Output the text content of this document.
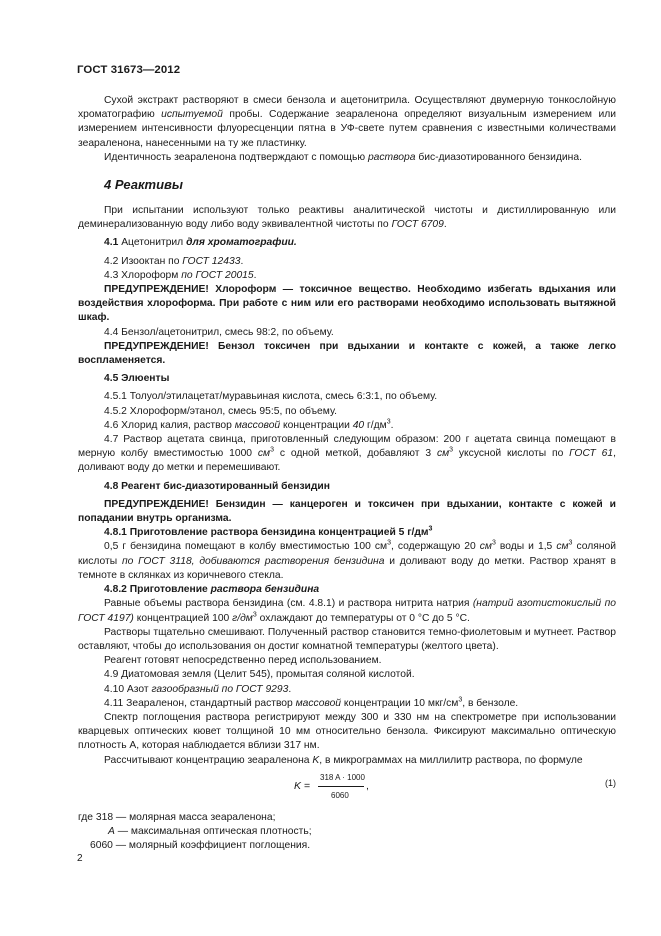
ГОСТ 31673—2012

Сухой экстракт растворяют в смеси бензола и ацетонитрила. Осуществляют двумерную тонкослойную хроматографию испытуемой пробы. Содержание зеараленона определяют визуальным измерением или измерением интенсивности флуоресценции пятна в УФ-свете путем сравнения с известными количествами зеараленона, нанесенными на ту же пластинку.

Идентичность зеараленона подтверждают с помощью раствора бис-диазотированного бензидина.

4 Реактивы

При испытании используют только реактивы аналитической чистоты и дистиллированную или деминерализованную воду либо воду эквивалентной чистоты по ГОСТ 6709.

4.1 Ацетонитрил для хроматографии.

4.2 Изооктан по ГОСТ 12433.

4.3 Хлороформ по ГОСТ 20015.

ПРЕДУПРЕЖДЕНИЕ! Хлороформ — токсичное вещество. Необходимо избегать вдыхания или воздействия хлороформа. При работе с ним или его растворами необходимо использовать вытяжной шкаф.

4.4 Бензол/ацетонитрил, смесь 98:2, по объему.

ПРЕДУПРЕЖДЕНИЕ! Бензол токсичен при вдыхании и контакте с кожей, а также легко воспламеняется.

4.5 Элюенты

4.5.1 Толуол/этилацетат/муравьиная кислота, смесь 6:3:1, по объему.

4.5.2 Хлороформ/этанол, смесь 95:5, по объему.

4.6 Хлорид калия, раствор массовой концентрации 40 $г/дм^3$.

4.7 Раствор ацетата свинца, приготовленный следующим образом: 200 г ацетата свинца помещают в мерную колбу вместимостью 1000 $см^3$ с одной меткой, добавляют 3 $см^3$ уксусной кислоты по ГОСТ 61, доливают воду до метки и перемешивают.

4.8 Реагент бис-диазотированный бензидин

ПРЕДУПРЕЖДЕНИЕ! Бензидин — канцероген и токсичен при вдыхании, контакте с кожей и попадании внутрь организма.

4.8.1 Приготовление раствора бензидина концентрацией 5 $г/дм^3$

0,5 г бензидина помещают в колбу вместимостью 100 $см^3$, содержащую 20 $см^3$ воды и 1,5 $см^3$ соляной кислоты по ГОСТ 3118, добиваются растворения бензидина и доливают воду до метки. Раствор хранят в темноте в склянках из коричневого стекла.

4.8.2 Приготовление раствора бензидина

Равные объемы раствора бензидина (см. 4.8.1) и раствора нитрита натрия (натрий азотистокислый по ГОСТ 4197) концентрацией 100 $г/дм^3$ охлаждают до температуры от 0 °С до 5 °С.

Растворы тщательно смешивают. Полученный раствор становится темно-фиолетовым и мутнеет. Раствор оставляют, чтобы до использования он достиг комнатной температуры (желтого цвета).

Реагент готовят непосредственно перед использованием.

4.9 Диатомовая земля (Целит 545), промытая соляной кислотой.

4.10 Азот газообразный по ГОСТ 9293.

4.11 Зеараленон, стандартный раствор массовой концентрации 10 мкг/$см^3$, в бензоле.

Спектр поглощения раствора регистрируют между 300 и 330 нм на спектрометре при использовании кварцевых оптических кювет толщиной 10 мм относительно бензола. Фиксируют максимально оптическую плотность А, которая наблюдается вблизи 317 нм.

Рассчитывают концентрацию зеараленона K, в микрограммах на миллилитр раствора, по формуле

K =
318 A · 1000
6060
,	(1)

где 318 — молярная масса зеараленона;

A — максимальная оптическая плотность;

6060 — молярный коэффициент поглощения.

2
